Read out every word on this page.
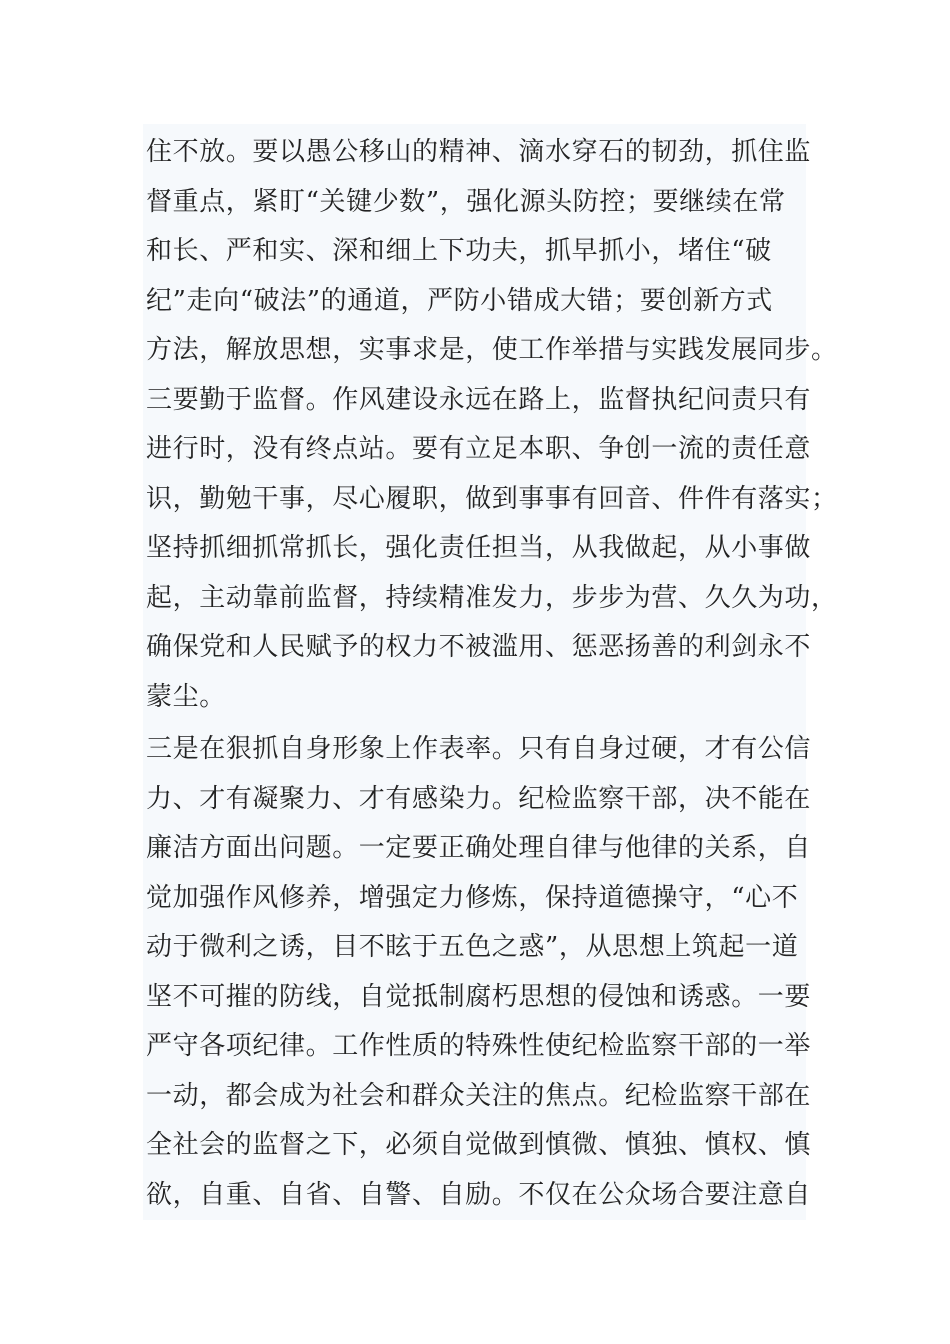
住不放。要以愚公移山的精神、滴水穿石的韧劲，抓住监
督重点，紧盯“关键少数”，强化源头防控；要继续在常
和长、严和实、深和细上下功夫，抓早抓小，堵住“破
纪”走向“破法”的通道，严防小错成大错；要创新方式
方法，解放思想，实事求是，使工作举措与实践发展同步。
三要勤于监督。作风建设永远在路上，监督执纪问责只有
进行时，没有终点站。要有立足本职、争创一流的责任意
识，勤勉干事，尽心履职，做到事事有回音、件件有落实；
坚持抓细抓常抓长，强化责任担当，从我做起，从小事做
起，主动靠前监督，持续精准发力，步步为营、久久为功，
确保党和人民赋予的权力不被滥用、惩恶扬善的利剑永不
蒙尘。
三是在狠抓自身形象上作表率。只有自身过硬，才有公信
力、才有凝聚力、才有感染力。纪检监察干部，决不能在
廉洁方面出问题。一定要正确处理自律与他律的关系，自
觉加强作风修养，增强定力修炼，保持道德操守，“心不
动于微利之诱，目不眩于五色之惑”，从思想上筑起一道
坚不可摧的防线，自觉抵制腐朽思想的侵蚀和诱惑。一要
严守各项纪律。工作性质的特殊性使纪检监察干部的一举
一动，都会成为社会和群众关注的焦点。纪检监察干部在
全社会的监督之下，必须自觉做到慎微、慎独、慎权、慎
欲，自重、自省、自警、自励。不仅在公众场合要注意自
